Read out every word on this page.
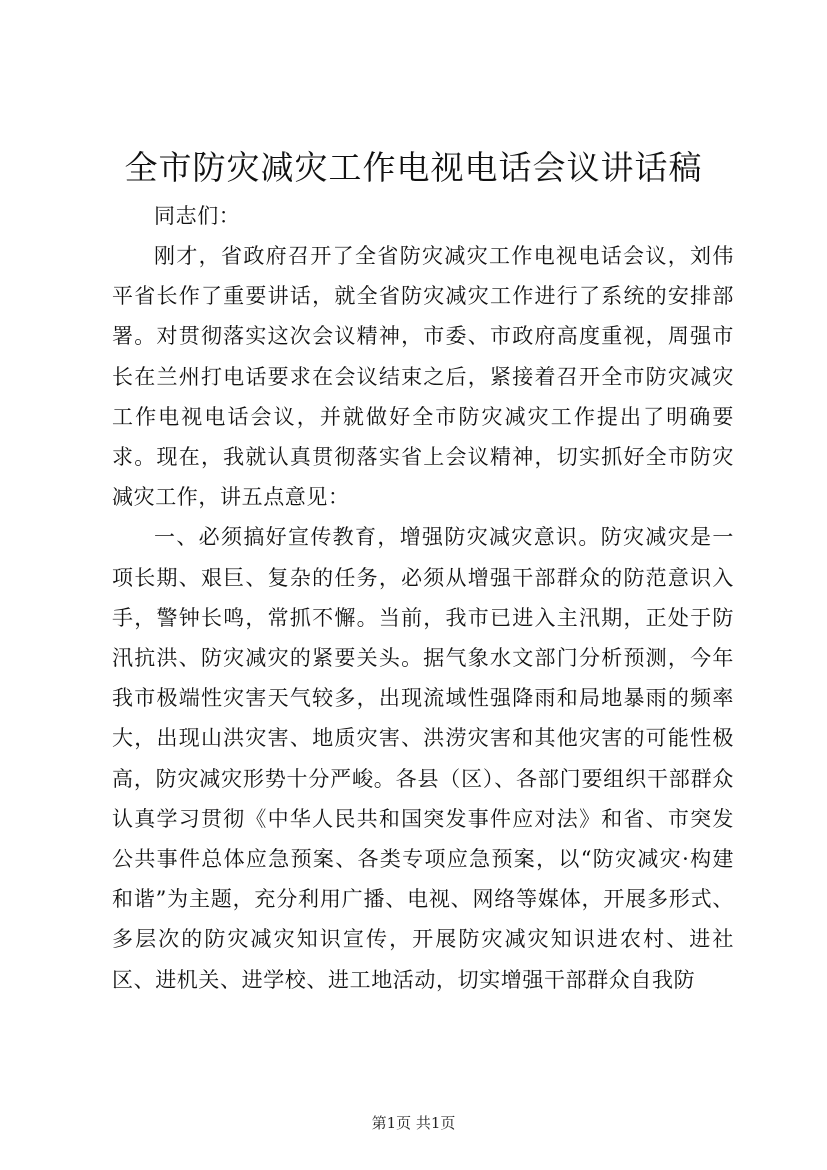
全市防灾减灾工作电视电话会议讲话稿

同志们：

刚才，省政府召开了全省防灾减灾工作电视电话会议，刘伟平省长作了重要讲话，就全省防灾减灾工作进行了系统的安排部署。对贯彻落实这次会议精神，市委、市政府高度重视，周强市长在兰州打电话要求在会议结束之后，紧接着召开全市防灾减灾工作电视电话会议，并就做好全市防灾减灾工作提出了明确要求。现在，我就认真贯彻落实省上会议精神，切实抓好全市防灾减灾工作，讲五点意见：

一、必须搞好宣传教育，增强防灾减灾意识。防灾减灾是一项长期、艰巨、复杂的任务，必须从增强干部群众的防范意识入手，警钟长鸣，常抓不懈。当前，我市已进入主汛期，正处于防汛抗洪、防灾减灾的紧要关头。据气象水文部门分析预测，今年我市极端性灾害天气较多，出现流域性强降雨和局地暴雨的频率大，出现山洪灾害、地质灾害、洪涝灾害和其他灾害的可能性极高，防灾减灾形势十分严峻。各县（区）、各部门要组织干部群众认真学习贯彻《中华人民共和国突发事件应对法》和省、市突发公共事件总体应急预案、各类专项应急预案，以“防灾减灾·构建和谐”为主题，充分利用广播、电视、网络等媒体，开展多形式、多层次的防灾减灾知识宣传，开展防灾减灾知识进农村、进社区、进机关、进学校、进工地活动，切实增强干部群众自我防

第1页 共1页
